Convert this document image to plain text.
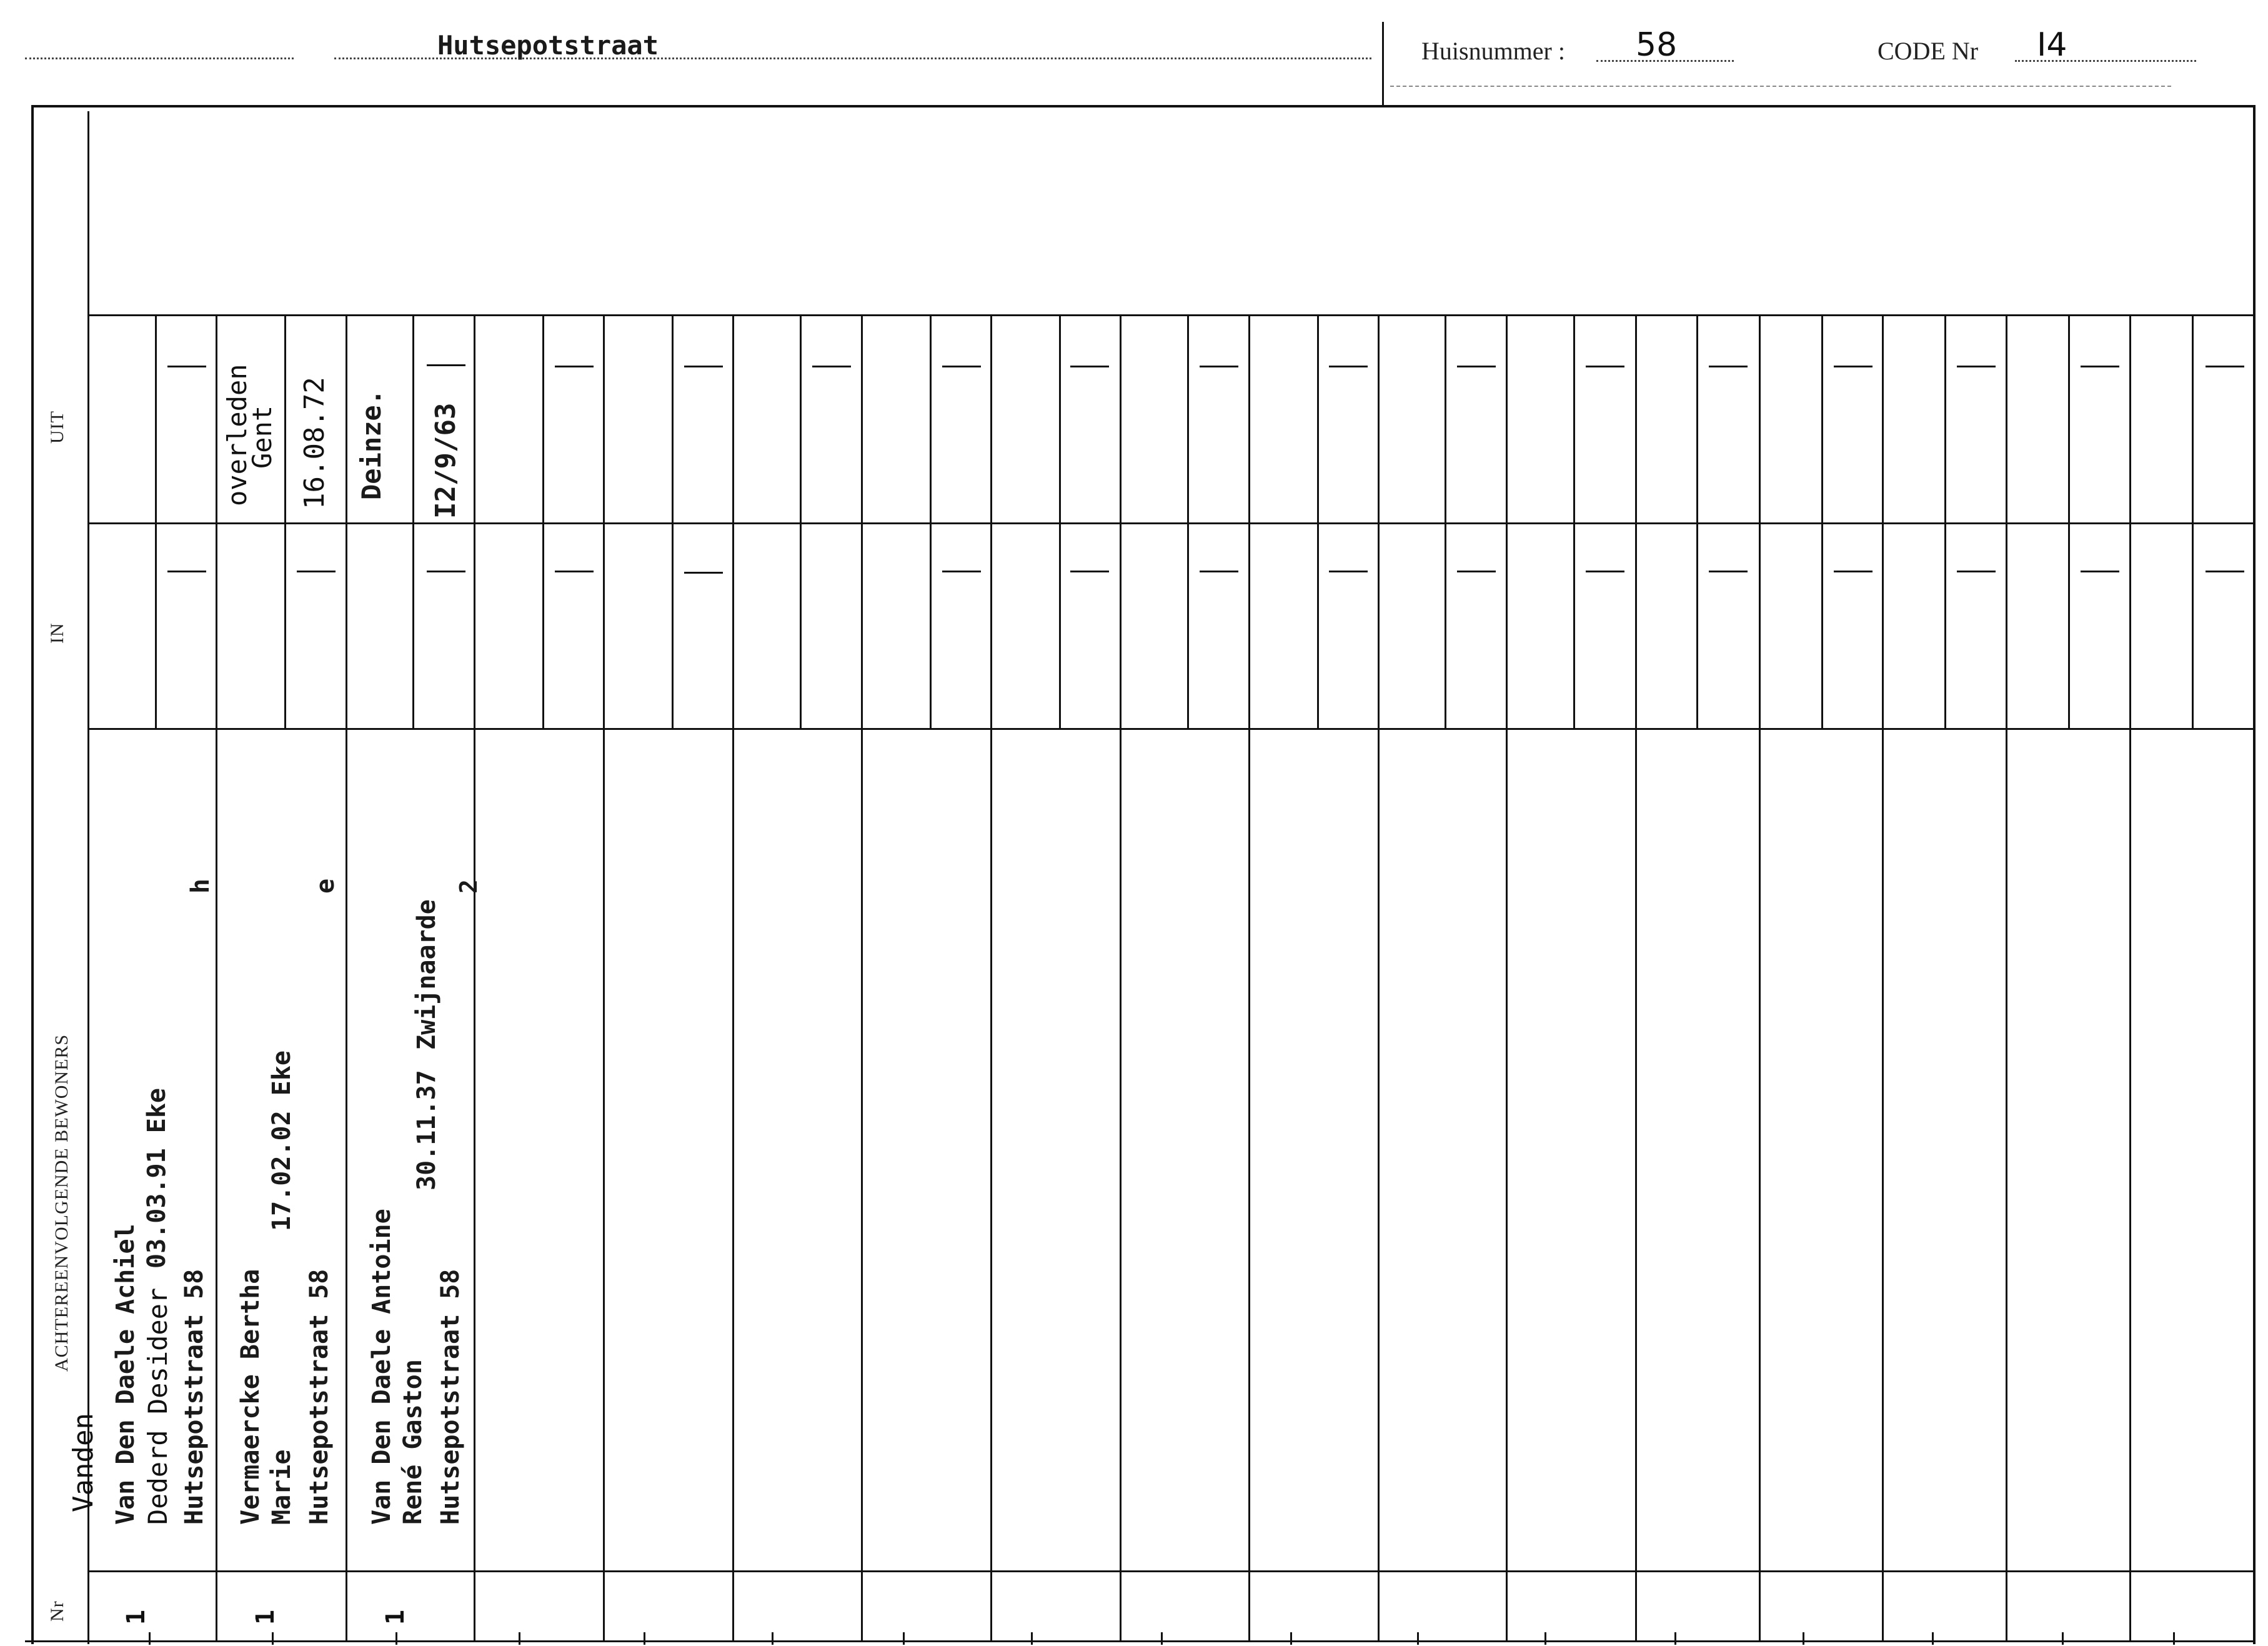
Hutsepotstraat	Huisnummer : 58	CODE Nr I4
UIT
IN
ACHTEREENVOLGENDE BEWONERS
Nr
Vanden Van Den Daele Achiel Dederd Desideer Hutsepotstraat 58
03.03.91 Eke
h
1
Vermaercke Bertha Marie Hutsepotstraat 58
17.02.02 Eke
e
1
overleden
Gent 16.08.72
Van Den Daele Antoine René Gaston Hutsepotstraat 58
30.11.37
Zwijnaarde
2
1
Deinze. I2/9/63
